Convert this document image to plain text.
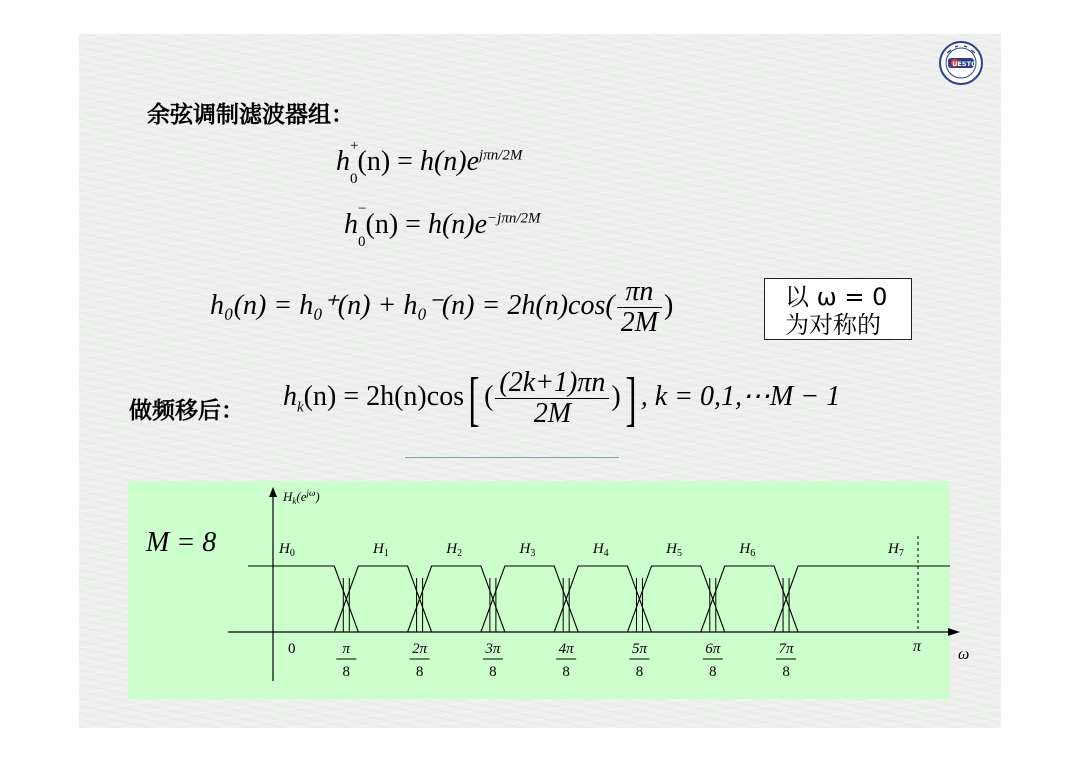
UESTC
余弦调制滤波器组：
h +
$_0(n) = h(n)e^{j\pi n/2M}$
h −
$_0(n) = h(n)e^{-j\pi n/2M}$
$h_0(n) = h_0^+(n) + h_0^-(n) = 2h(n)\cos( \frac{\pi n}{2M}$ )	以 ω = 0
为对称的
做频移后： $h_k(n) = 2h(n)\cos$[ ( $\frac{(2k+1)\pi n}{2M}$ )] , k = 0,1,⋯M − 1
M = 8
$H_k(e^{j\omega})$
ω
0
$H_0$	$H_1$	$H_2$	$H_3$	$H_4$	$H_5$	$H_6$	$H_7$
π
8
2π
8
3π
8
4π
8
5π
8
6π
8
7π
8
π
